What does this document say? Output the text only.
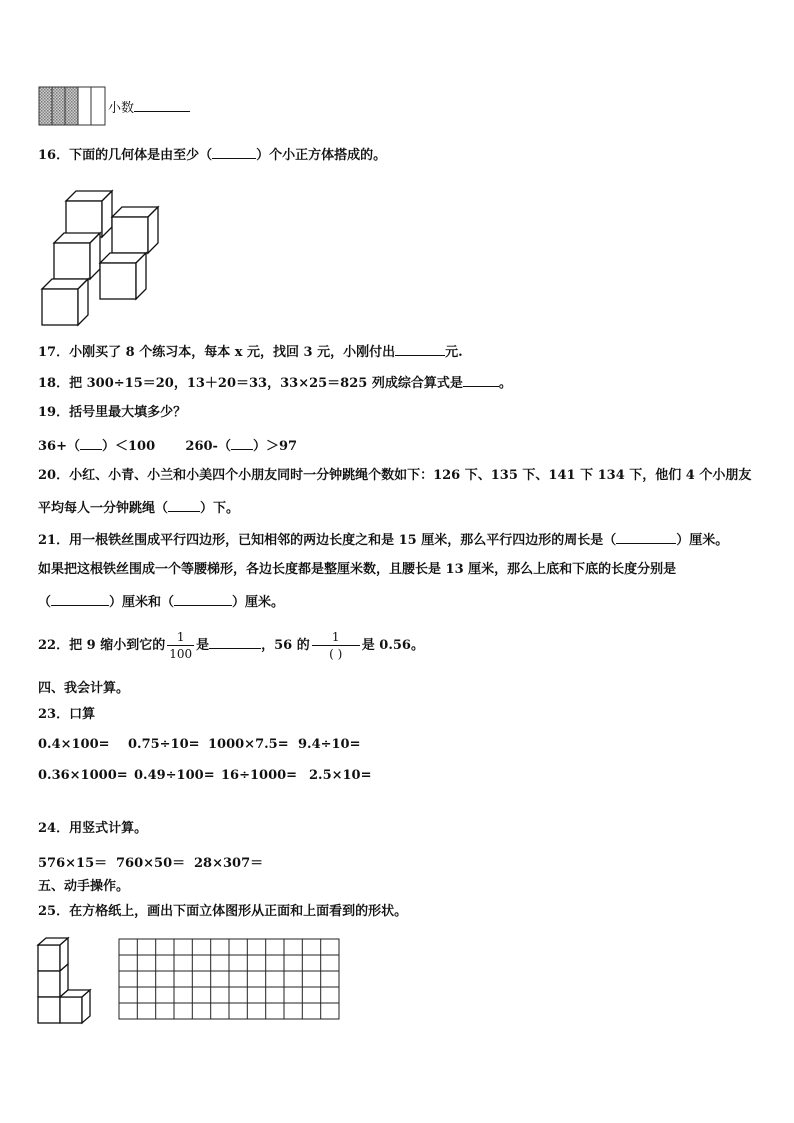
小数
16．下面的几何体是由至少（	）个小正方体搭成的。
17．小刚买了 8 个练习本，每本 x 元，找回 3 元，小刚付出	元.
18．把 300÷15＝20，13＋20＝33，33×25＝825 列成综合算式是	。
19．括号里最大填多少？
36+（ ）＜100 260-（ ）＞97
20．小红、小青、小兰和小美四个小朋友同时一分钟跳绳个数如下：126 下、135 下、141 下 134 下，他们 4 个小朋友
平均每人一分钟跳绳（ ）下。
21．用一根铁丝围成平行四边形，已知相邻的两边长度之和是 15 厘米，那么平行四边形的周长是（	）厘米。
如果把这根铁丝围成一个等腰梯形，各边长度都是整厘米数，且腰长是 13 厘米，那么上底和下底的长度分别是
（	）厘米和（	）厘米。
22．把 9 缩小到它的 $\frac{1}{100}$ 是	，56 的 $\frac{1}{( )}$ 是 0.56。
四、我会计算。
23．口算
0.4×100= 0.75÷10= 1000×7.5= 9.4÷10=
0.36×1000= 0.49÷100= 16÷1000= 2.5×10=
24．用竖式计算。
576×15＝ 760×50＝ 28×307＝
五、动手操作。
25．在方格纸上，画出下面立体图形从正面和上面看到的形状。
